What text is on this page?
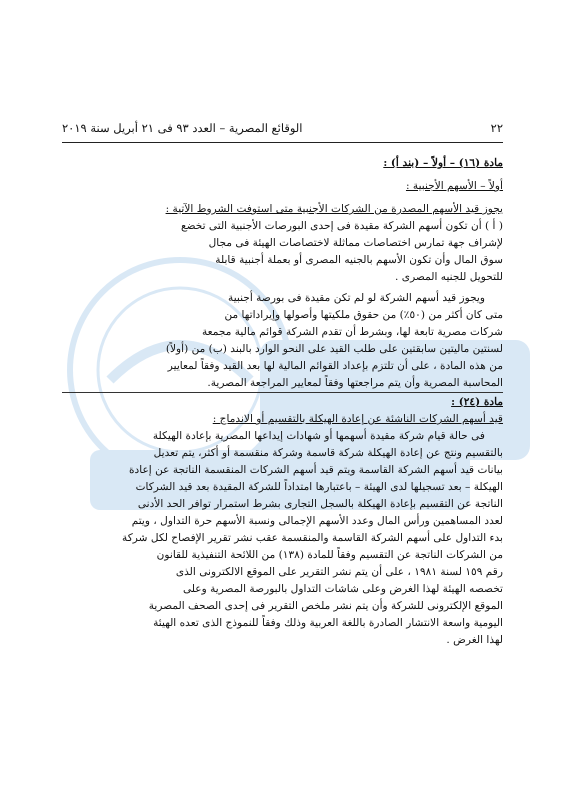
٢٢
الوقائع المصرية – العدد ٩٣ فى ٢١ أبريل سنة ٢٠١٩

مادة (١٦) – أولاً – (بند أ) :

أولاً – الأسهم الأجنبية :

يجوز قيد الأسهم المصدرة من الشركات الأجنبية متى استوفت الشروط الآتية :

( أ ) أن تكون أسهم الشركة مقيدة فى إحدى البورصات الأجنبية التى تخضع

لإشراف جهة تمارس اختصاصات مماثلة لاختصاصات الهيئة فى مجال

سوق المال وأن تكون الأسهم بالجنيه المصرى أو بعملة أجنبية قابلة

للتحويل للجنيه المصرى .

ويجوز قيد أسهم الشركة لو لم تكن مقيدة فى بورصة أجنبية

متى كان أكثر من (٥٠٪) من حقوق ملكيتها وأصولها وإيراداتها من

شركات مصرية تابعة لها، وبشرط أن تقدم الشركة قوائم مالية مجمعة

لسنتين ماليتين سابقتين على طلب القيد على النحو الوارد بالبند (ب) من (أولاً)

من هذه المادة ، على أن تلتزم بإعداد القوائم المالية لها بعد القيد وفقاً لمعايير

المحاسبة المصرية وأن يتم مراجعتها وفقاً لمعايير المراجعة المصرية.

مادة (٢٤) :

قيد أسهم الشركات الناشئة عن إعادة الهيكلة بالتقسيم أو الاندماج :

فى حالة قيام شركة مقيدة أسهمها أو شهادات إيداعها المصرية بإعادة الهيكلة

بالتقسيم ونتج عن إعادة الهيكلة شركة قاسمة وشركة منقسمة أو أكثر، يتم تعديل

بيانات قيد أسهم الشركة القاسمة ويتم قيد أسهم الشركات المنقسمة الناتجة عن إعادة

الهيكلة – بعد تسجيلها لدى الهيئة – باعتبارها امتداداً للشركة المقيدة بعد قيد الشركات

الناتجة عن التقسيم بإعادة الهيكلة بالسجل التجارى بشرط استمرار توافر الحد الأدنى

لعدد المساهمين ورأس المال وعدد الأسهم الإجمالى ونسبة الأسهم حرة التداول ، ويتم

بدء التداول على أسهم الشركة القاسمة والمنقسمة عقب نشر تقرير الإفصاح لكل شركة

من الشركات الناتجة عن التقسيم وفقاً للمادة (١٣٨) من اللائحة التنفيذية للقانون

رقم ١٥٩ لسنة ١٩٨١ ، على أن يتم نشر التقرير على الموقع الالكترونى الذى

تخصصه الهيئة لهذا الغرض وعلى شاشات التداول بالبورصة المصرية وعلى

الموقع الإلكترونى للشركة وأن يتم نشر ملخص التقرير فى إحدى الصحف المصرية

اليومية واسعة الانتشار الصادرة باللغة العربية وذلك وفقاً للنموذج الذى تعده الهيئة

لهذا الغرض .
